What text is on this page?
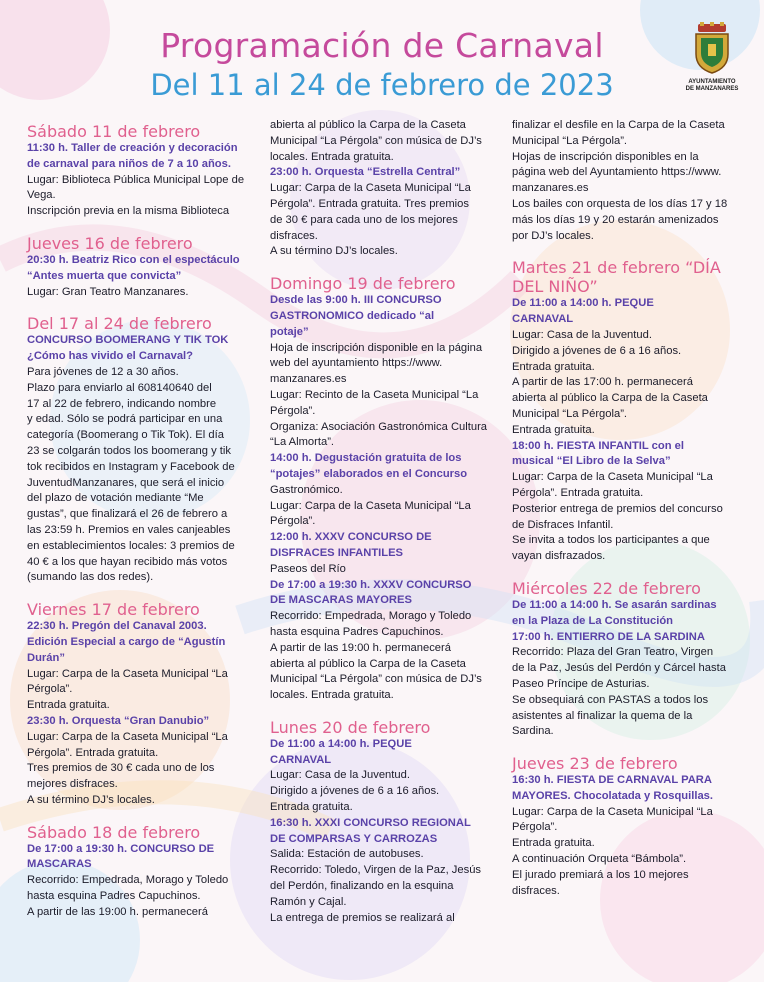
Programación de Carnaval
Del 11 al 24 de febrero de 2023	AYUNTAMIENTO
DE MANZANARES
Sábado 11 de febrero
11:30 h. Taller de creación y decoración
de carnaval para niños de 7 a 10 años.
Lugar: Biblioteca Pública Municipal Lope de
Vega.
Inscripción previa en la misma Biblioteca
Jueves 16 de febrero
20:30 h. Beatriz Rico con el espectáculo
“Antes muerta que convicta”
Lugar: Gran Teatro Manzanares.
Del 17 al 24 de febrero
CONCURSO BOOMERANG Y TIK TOK
¿Cómo has vivido el Carnaval?
Para jóvenes de 12 a 30 años.
Plazo para enviarlo al 608140640 del
17 al 22 de febrero, indicando nombre
y edad. Sólo se podrá participar en una
categoría (Boomerang o Tik Tok). El día
23 se colgarán todos los boomerang y tik
tok recibidos en Instagram y Facebook de
JuventudManzanares, que será el inicio
del plazo de votación mediante “Me
gustas”, que finalizará el 26 de febrero a
las 23:59 h. Premios en vales canjeables
en establecimientos locales: 3 premios de
40 € a los que hayan recibido más votos
(sumando las dos redes).
Viernes 17 de febrero
22:30 h. Pregón del Canaval 2003.
Edición Especial a cargo de “Agustín
Durán”
Lugar: Carpa de la Caseta Municipal “La
Pérgola”.
Entrada gratuita.
23:30 h. Orquesta “Gran Danubio”
Lugar: Carpa de la Caseta Municipal “La
Pérgola”. Entrada gratuita.
Tres premios de 30 € cada uno de los
mejores disfraces.
A su término DJ’s locales.
Sábado 18 de febrero
De 17:00 a 19:30 h. CONCURSO DE
MASCARAS
Recorrido: Empedrada, Morago y Toledo
hasta esquina Padres Capuchinos.
A partir de las 19:00 h. permanecerá
abierta al público la Carpa de la Caseta
Municipal “La Pérgola” con música de DJ’s
locales. Entrada gratuita.
23:00 h. Orquesta “Estrella Central”
Lugar: Carpa de la Caseta Municipal “La
Pérgola”. Entrada gratuita. Tres premios
de 30 € para cada uno de los mejores
disfraces.
A su término DJ’s locales.
Domingo 19 de febrero
Desde las 9:00 h. III CONCURSO
GASTRONOMICO dedicado “al
potaje”
Hoja de inscripción disponible en la página
web del ayuntamiento https://www.
manzanares.es
Lugar: Recinto de la Caseta Municipal “La
Pérgola”.
Organiza: Asociación Gastronómica Cultura
“La Almorta”.
14:00 h. Degustación gratuita de los
“potajes” elaborados en el Concurso
Gastronómico.
Lugar: Carpa de la Caseta Municipal “La
Pérgola”.
12:00 h. XXXV CONCURSO DE
DISFRACES INFANTILES
Paseos del Río
De 17:00 a 19:30 h. XXXV CONCURSO
DE MASCARAS MAYORES
Recorrido: Empedrada, Morago y Toledo
hasta esquina Padres Capuchinos.
A partir de las 19:00 h. permanecerá
abierta al público la Carpa de la Caseta
Municipal “La Pérgola” con música de DJ’s
locales. Entrada gratuita.
Lunes 20 de febrero
De 11:00 a 14:00 h. PEQUE
CARNAVAL
Lugar: Casa de la Juventud.
Dirigido a jóvenes de 6 a 16 años.
Entrada gratuita.
16:30 h. XXXI CONCURSO REGIONAL
DE COMPARSAS Y CARROZAS
Salida: Estación de autobuses.
Recorrido: Toledo, Virgen de la Paz, Jesús
del Perdón, finalizando en la esquina
Ramón y Cajal.
La entrega de premios se realizará al
finalizar el desfile en la Carpa de la Caseta
Municipal “La Pérgola”.
Hojas de inscripción disponibles en la
página web del Ayuntamiento https://www.
manzanares.es
Los bailes con orquesta de los días 17 y 18
más los días 19 y 20 estarán amenizados
por DJ’s locales.
Martes 21 de febrero “DÍA
DEL NIÑO”
De 11:00 a 14:00 h. PEQUE
CARNAVAL
Lugar: Casa de la Juventud.
Dirigido a jóvenes de 6 a 16 años.
Entrada gratuita.
A partir de las 17:00 h. permanecerá
abierta al público la Carpa de la Caseta
Municipal “La Pérgola”.
Entrada gratuita.
18:00 h. FIESTA INFANTIL con el
musical “El Libro de la Selva”
Lugar: Carpa de la Caseta Municipal “La
Pérgola”. Entrada gratuita.
Posterior entrega de premios del concurso
de Disfraces Infantil.
Se invita a todos los participantes a que
vayan disfrazados.
Miércoles 22 de febrero
De 11:00 a 14:00 h. Se asarán sardinas
en la Plaza de La Constitución
17:00 h. ENTIERRO DE LA SARDINA
Recorrido: Plaza del Gran Teatro, Virgen
de la Paz, Jesús del Perdón y Cárcel hasta
Paseo Príncipe de Asturias.
Se obsequiará con PASTAS a todos los
asistentes al finalizar la quema de la
Sardina.
Jueves 23 de febrero
16:30 h. FIESTA DE CARNAVAL PARA
MAYORES. Chocolatada y Rosquillas.
Lugar: Carpa de la Caseta Municipal “La
Pérgola”.
Entrada gratuita.
A continuación Orqueta “Bámbola”.
El jurado premiará a los 10 mejores
disfraces.
